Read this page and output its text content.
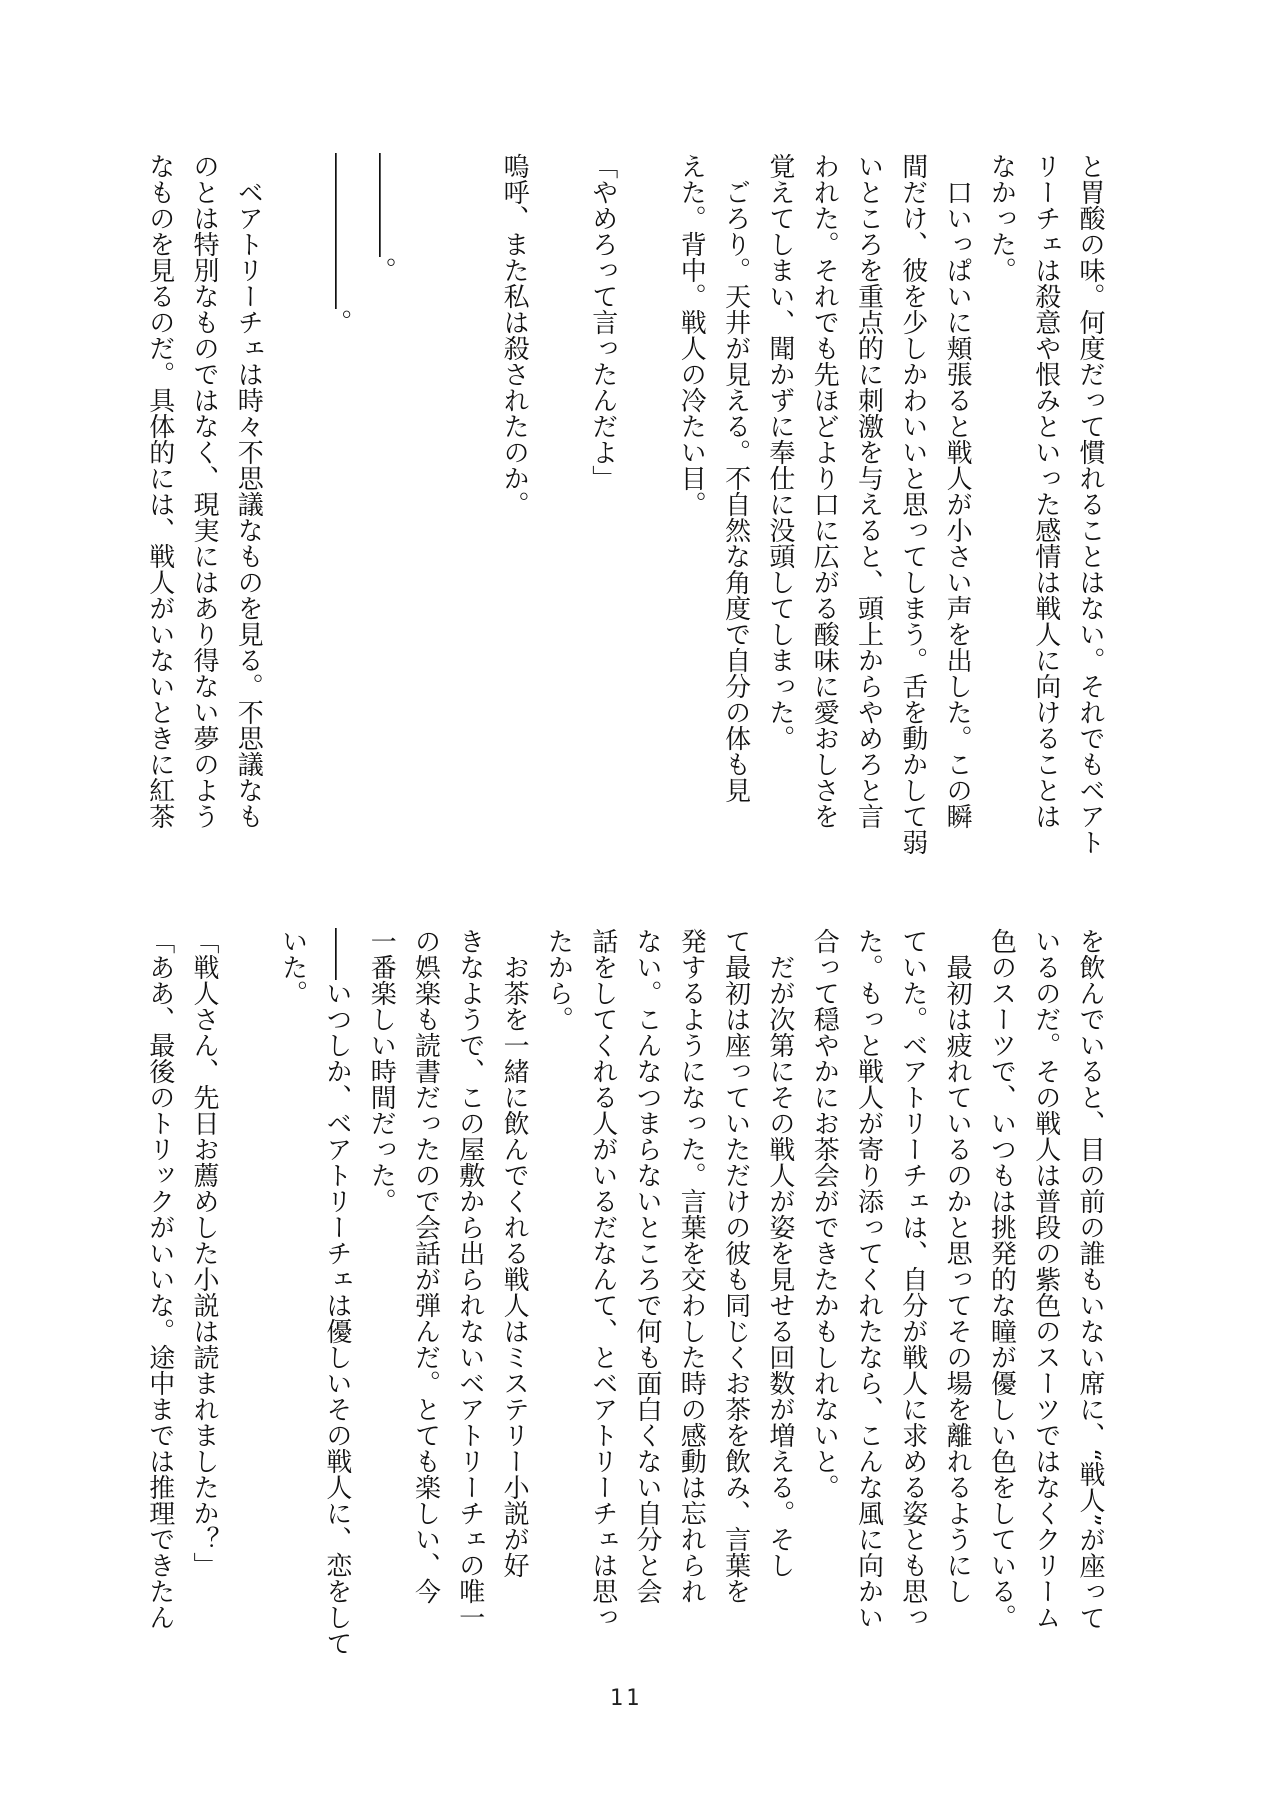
と胃酸の味。何度だって慣れることはない。それでもベアト
リーチェは殺意や恨みといった感情は戦人に向けることは
なかった。
　口いっぱいに頬張ると戦人が小さい声を出した。この瞬
間だけ、彼を少しかわいいと思ってしまう。舌を動かして弱
いところを重点的に刺激を与えると、頭上からやめろと言
われた。それでも先ほどより口に広がる酸味に愛おしさを
覚えてしまい、聞かずに奉仕に没頭してしまった。
　ごろり。天井が見える。不自然な角度で自分の体も見
えた。背中。戦人の冷たい目。
「やめろって言ったんだよ」
嗚呼、また私は殺されたのか。
――――。
――――――。
　ベアトリーチェは時々不思議なものを見る。不思議なも
のとは特別なものではなく、現実にはあり得ない夢のよう
なものを見るのだ。具体的には、戦人がいないときに紅茶
を飲んでいると、目の前の誰もいない席に、“戦人”が座って
いるのだ。その戦人は普段の紫色のスーツではなくクリーム
色のスーツで、いつもは挑発的な瞳が優しい色をしている。
　最初は疲れているのかと思ってその場を離れるようにし
ていた。ベアトリーチェは、自分が戦人に求める姿とも思っ
た。もっと戦人が寄り添ってくれたなら、こんな風に向かい
合って穏やかにお茶会ができたかもしれないと。
　だが次第にその戦人が姿を見せる回数が増える。そし
て最初は座っていただけの彼も同じくお茶を飲み、言葉を
発するようになった。言葉を交わした時の感動は忘れられ
ない。こんなつまらないところで何も面白くない自分と会
話をしてくれる人がいるだなんて、とベアトリーチェは思っ
たから。
　お茶を一緒に飲んでくれる戦人はミステリー小説が好
きなようで、この屋敷から出られないベアトリーチェの唯一
の娯楽も読書だったので会話が弾んだ。とても楽しい、今
一番楽しい時間だった。
――いつしか、ベアトリーチェは優しいその戦人に、恋をして
いた。
「戦人さん、先日お薦めした小説は読まれましたか？」
「ああ、最後のトリックがいいな。途中までは推理できたん
11
